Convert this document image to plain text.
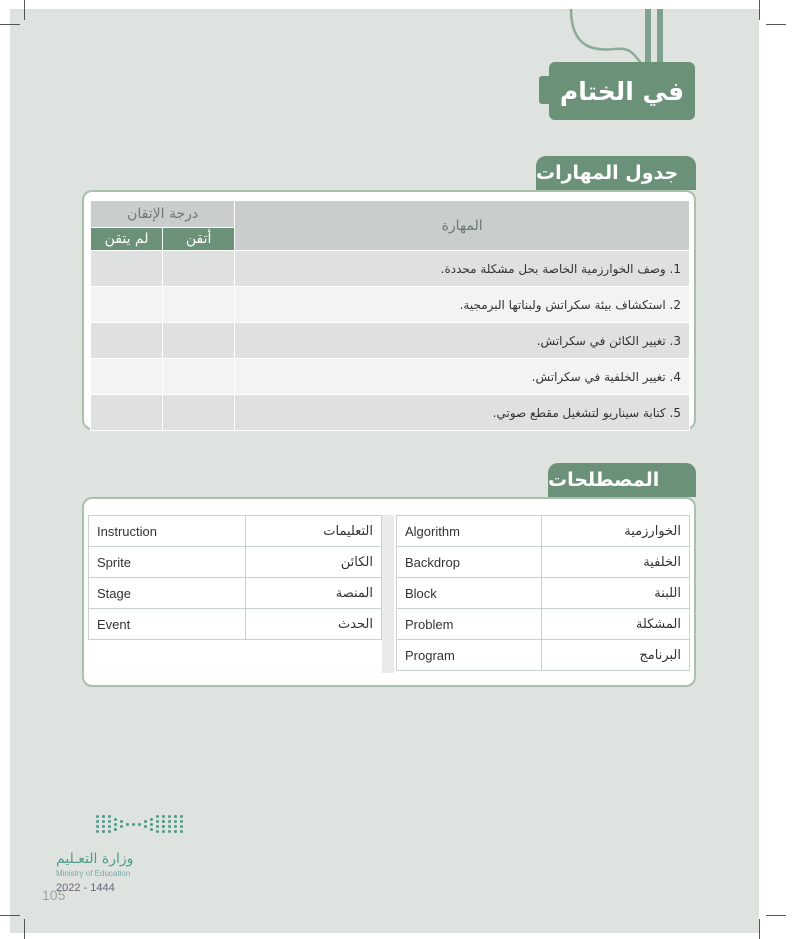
في الختام
جدول المهارات
المهارة	درجة الإتقان	
	أتقن	لم يتقن
1. وصف الخوارزمية الخاصة بحل مشكلة محددة.		
2. استكشاف بيئة سكراتش ولبناتها البرمجية.		
3. تغيير الكائن في سكراتش.		
4. تغيير الخلفية في سكراتش.		
5. كتابة سيناريو لتشغيل مقطع صوتي.		
المصطلحات
الخوارزمية	Algorithm
الخلفية	Backdrop
اللبنة	Block
المشكلة	Problem
البرنامج	Program
التعليمات	Instruction
الكائن	Sprite
المنصة	Stage
الحدث	Event
وزارة التعـليم
Ministry of Education
105
2022 - 1444
